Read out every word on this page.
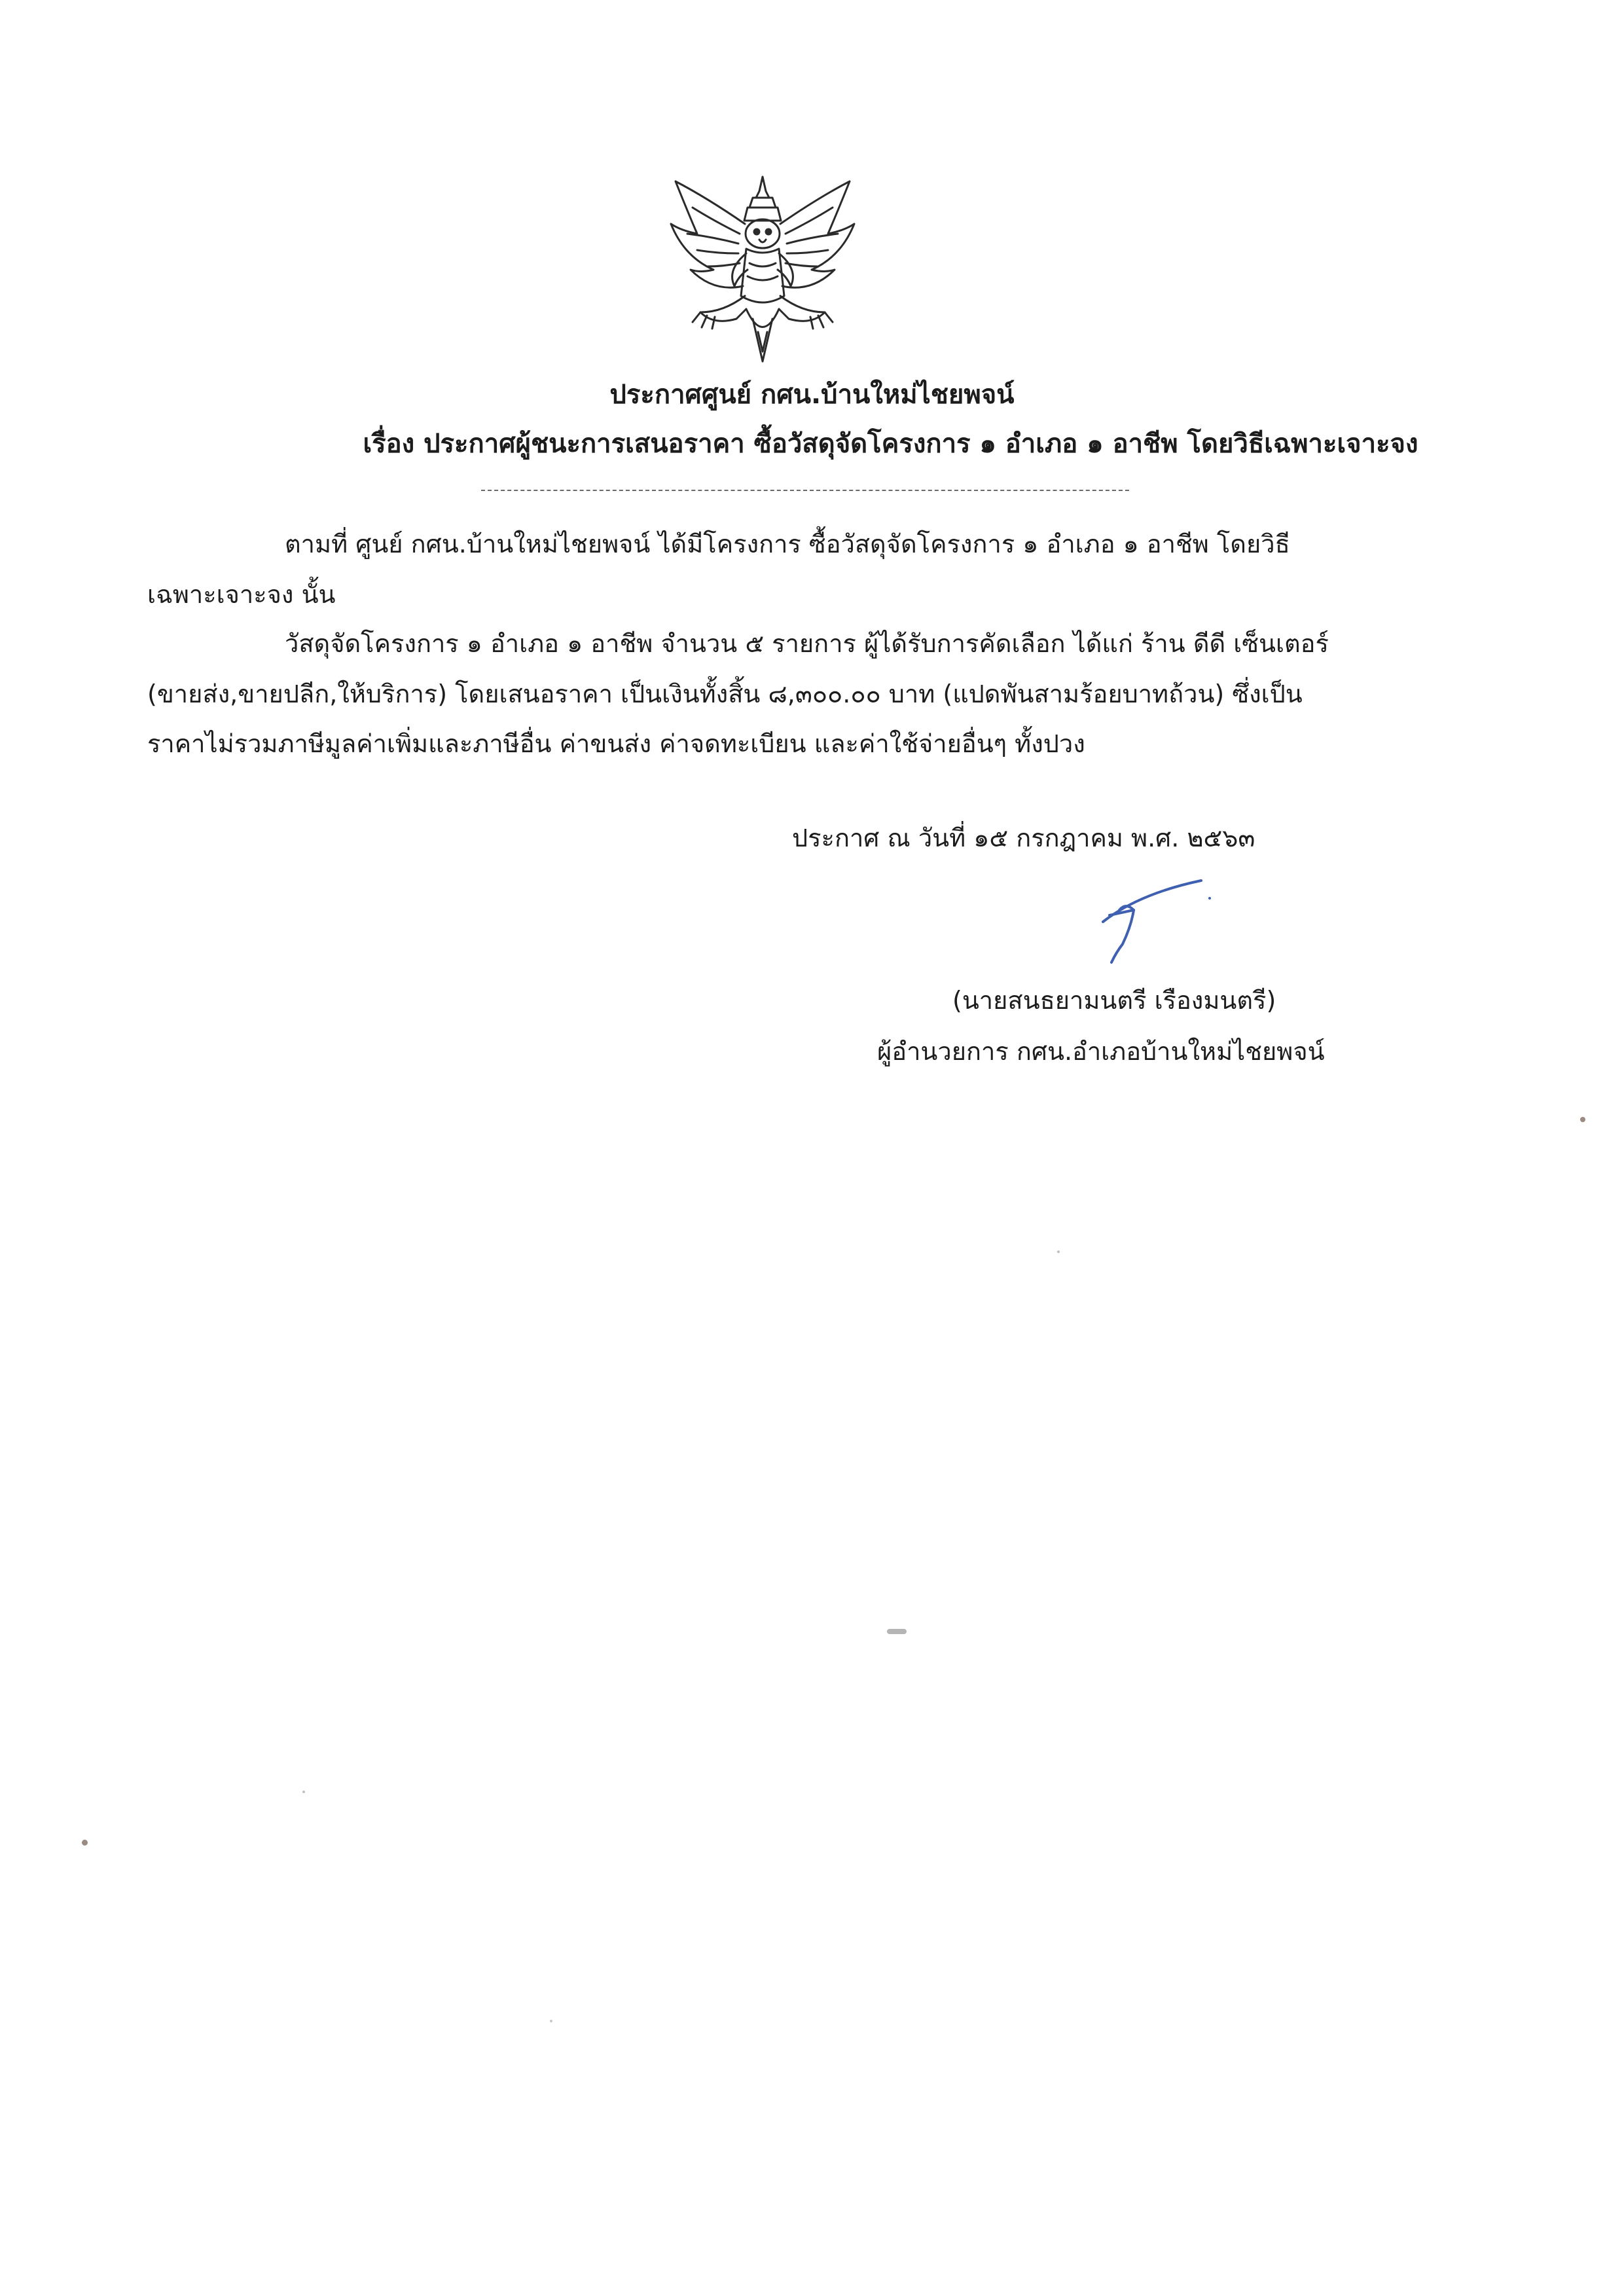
ประกาศศูนย์ กศน.บ้านใหม่ไชยพจน์
เรื่อง ประกาศผู้ชนะการเสนอราคา ซื้อวัสดุจัดโครงการ ๑ อำเภอ ๑ อาชีพ โดยวิธีเฉพาะเจาะจง
ตามที่ ศูนย์ กศน.บ้านใหม่ไชยพจน์ ได้มีโครงการ ซื้อวัสดุจัดโครงการ ๑ อำเภอ ๑ อาชีพ โดยวิธี
เฉพาะเจาะจง นั้น
วัสดุจัดโครงการ ๑ อำเภอ ๑ อาชีพ จำนวน ๕ รายการ ผู้ได้รับการคัดเลือก ได้แก่ ร้าน ดีดี เซ็นเตอร์
(ขายส่ง,ขายปลีก,ให้บริการ) โดยเสนอราคา เป็นเงินทั้งสิ้น ๘,๓๐๐.๐๐ บาท (แปดพันสามร้อยบาทถ้วน) ซึ่งเป็น
ราคาไม่รวมภาษีมูลค่าเพิ่มและภาษีอื่น ค่าขนส่ง ค่าจดทะเบียน และค่าใช้จ่ายอื่นๆ ทั้งปวง
ประกาศ ณ วันที่ ๑๕ กรกฎาคม พ.ศ. ๒๕๖๓
(นายสนธยามนตรี เรืองมนตรี)
ผู้อำนวยการ กศน.อำเภอบ้านใหม่ไชยพจน์
